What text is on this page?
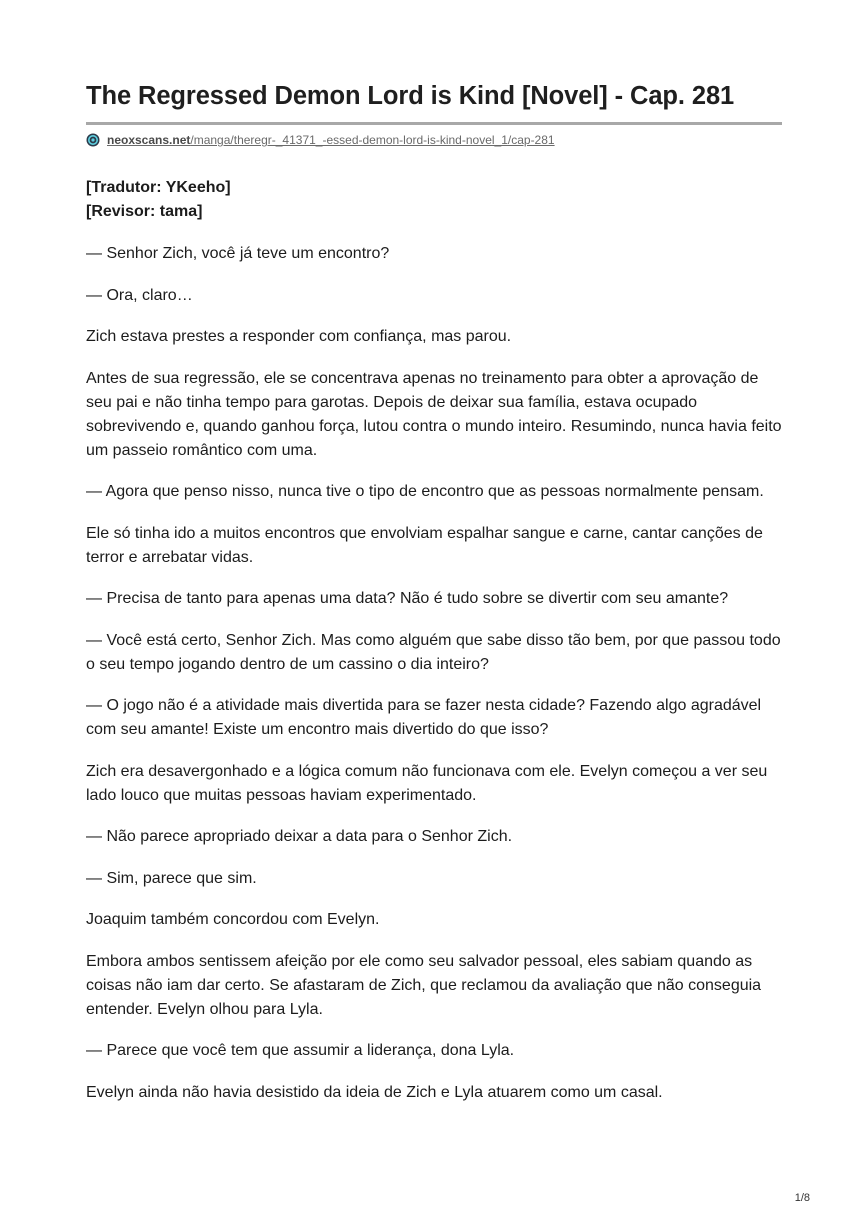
The Regressed Demon Lord is Kind [Novel] - Cap. 281
neoxscans.net/manga/theregr-_41371_-essed-demon-lord-is-kind-novel_1/cap-281
[Tradutor: YKeeho]
[Revisor: tama]

— Senhor Zich, você já teve um encontro?

— Ora, claro…

Zich estava prestes a responder com confiança, mas parou.

Antes de sua regressão, ele se concentrava apenas no treinamento para obter a aprovação de seu pai e não tinha tempo para garotas. Depois de deixar sua família, estava ocupado sobrevivendo e, quando ganhou força, lutou contra o mundo inteiro. Resumindo, nunca havia feito um passeio romântico com uma.

— Agora que penso nisso, nunca tive o tipo de encontro que as pessoas normalmente pensam.

Ele só tinha ido a muitos encontros que envolviam espalhar sangue e carne, cantar canções de terror e arrebatar vidas.

— Precisa de tanto para apenas uma data? Não é tudo sobre se divertir com seu amante?

— Você está certo, Senhor Zich. Mas como alguém que sabe disso tão bem, por que passou todo o seu tempo jogando dentro de um cassino o dia inteiro?

— O jogo não é a atividade mais divertida para se fazer nesta cidade? Fazendo algo agradável com seu amante! Existe um encontro mais divertido do que isso?

Zich era desavergonhado e a lógica comum não funcionava com ele. Evelyn começou a ver seu lado louco que muitas pessoas haviam experimentado.

— Não parece apropriado deixar a data para o Senhor Zich.

— Sim, parece que sim.

Joaquim também concordou com Evelyn.

Embora ambos sentissem afeição por ele como seu salvador pessoal, eles sabiam quando as coisas não iam dar certo. Se afastaram de Zich, que reclamou da avaliação que não conseguia entender. Evelyn olhou para Lyla.

— Parece que você tem que assumir a liderança, dona Lyla.

Evelyn ainda não havia desistido da ideia de Zich e Lyla atuarem como um casal.

1/8
